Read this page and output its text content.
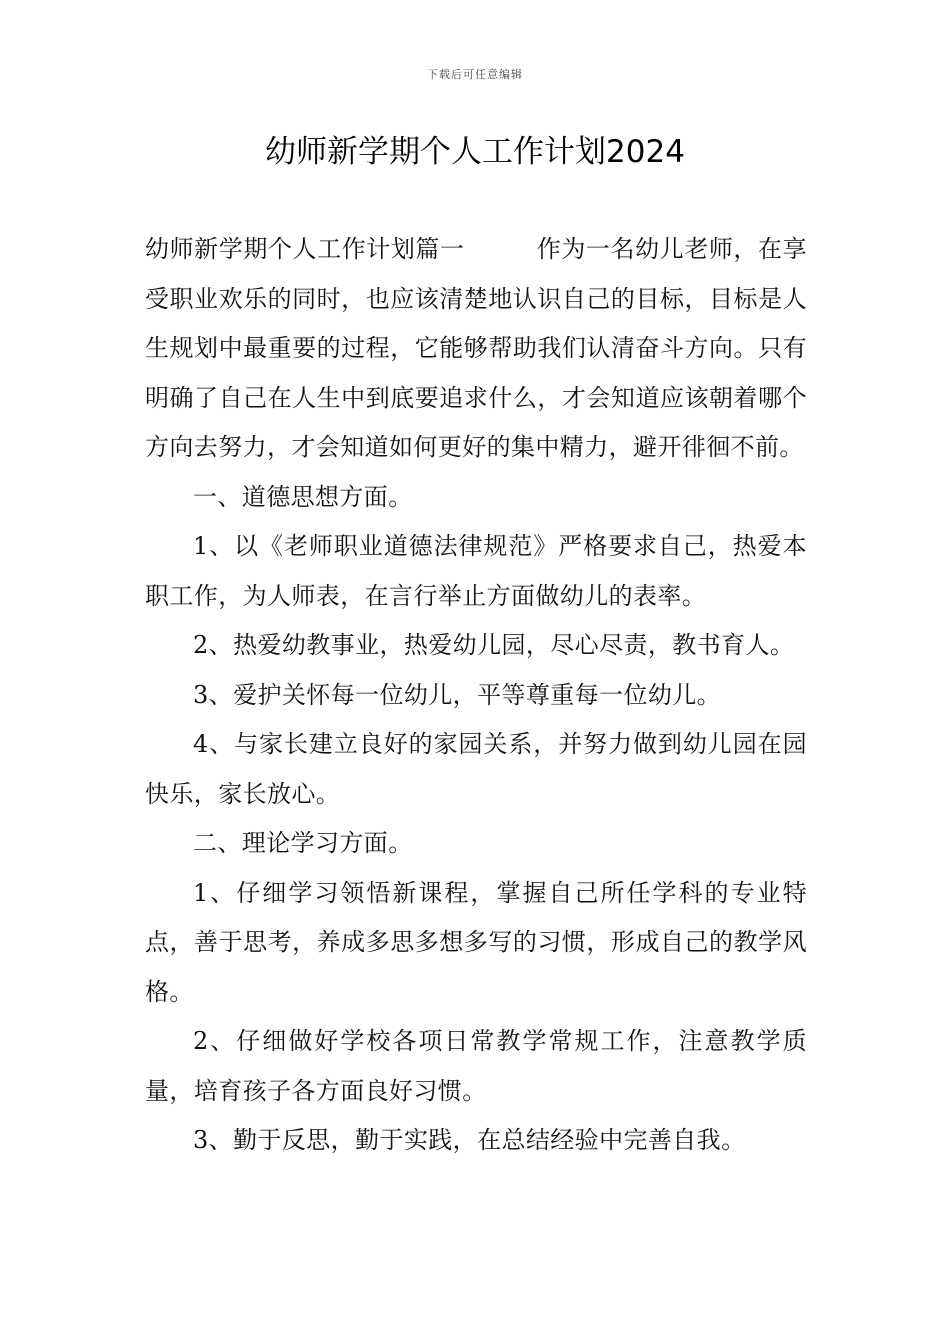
下载后可任意编辑
幼师新学期个人工作计划2024

幼师新学期个人工作计划篇一	作为一名幼儿老师，在享受职业欢乐的同时，也应该清楚地认识自己的目标，目标是人生规划中最重要的过程，它能够帮助我们认清奋斗方向。只有明确了自己在人生中到底要追求什么，才会知道应该朝着哪个方向去努力，才会知道如何更好的集中精力，避开徘徊不前。

一、道德思想方面。

1、以《老师职业道德法律规范》严格要求自己，热爱本职工作，为人师表，在言行举止方面做幼儿的表率。

2、热爱幼教事业，热爱幼儿园，尽心尽责，教书育人。

3、爱护关怀每一位幼儿，平等尊重每一位幼儿。

4、与家长建立良好的家园关系，并努力做到幼儿园在园快乐，家长放心。

二、理论学习方面。

1、仔细学习领悟新课程，掌握自己所任学科的专业特点，善于思考，养成多思多想多写的习惯，形成自己的教学风格。

2、仔细做好学校各项日常教学常规工作，注意教学质量，培育孩子各方面良好习惯。

3、勤于反思，勤于实践，在总结经验中完善自我。
